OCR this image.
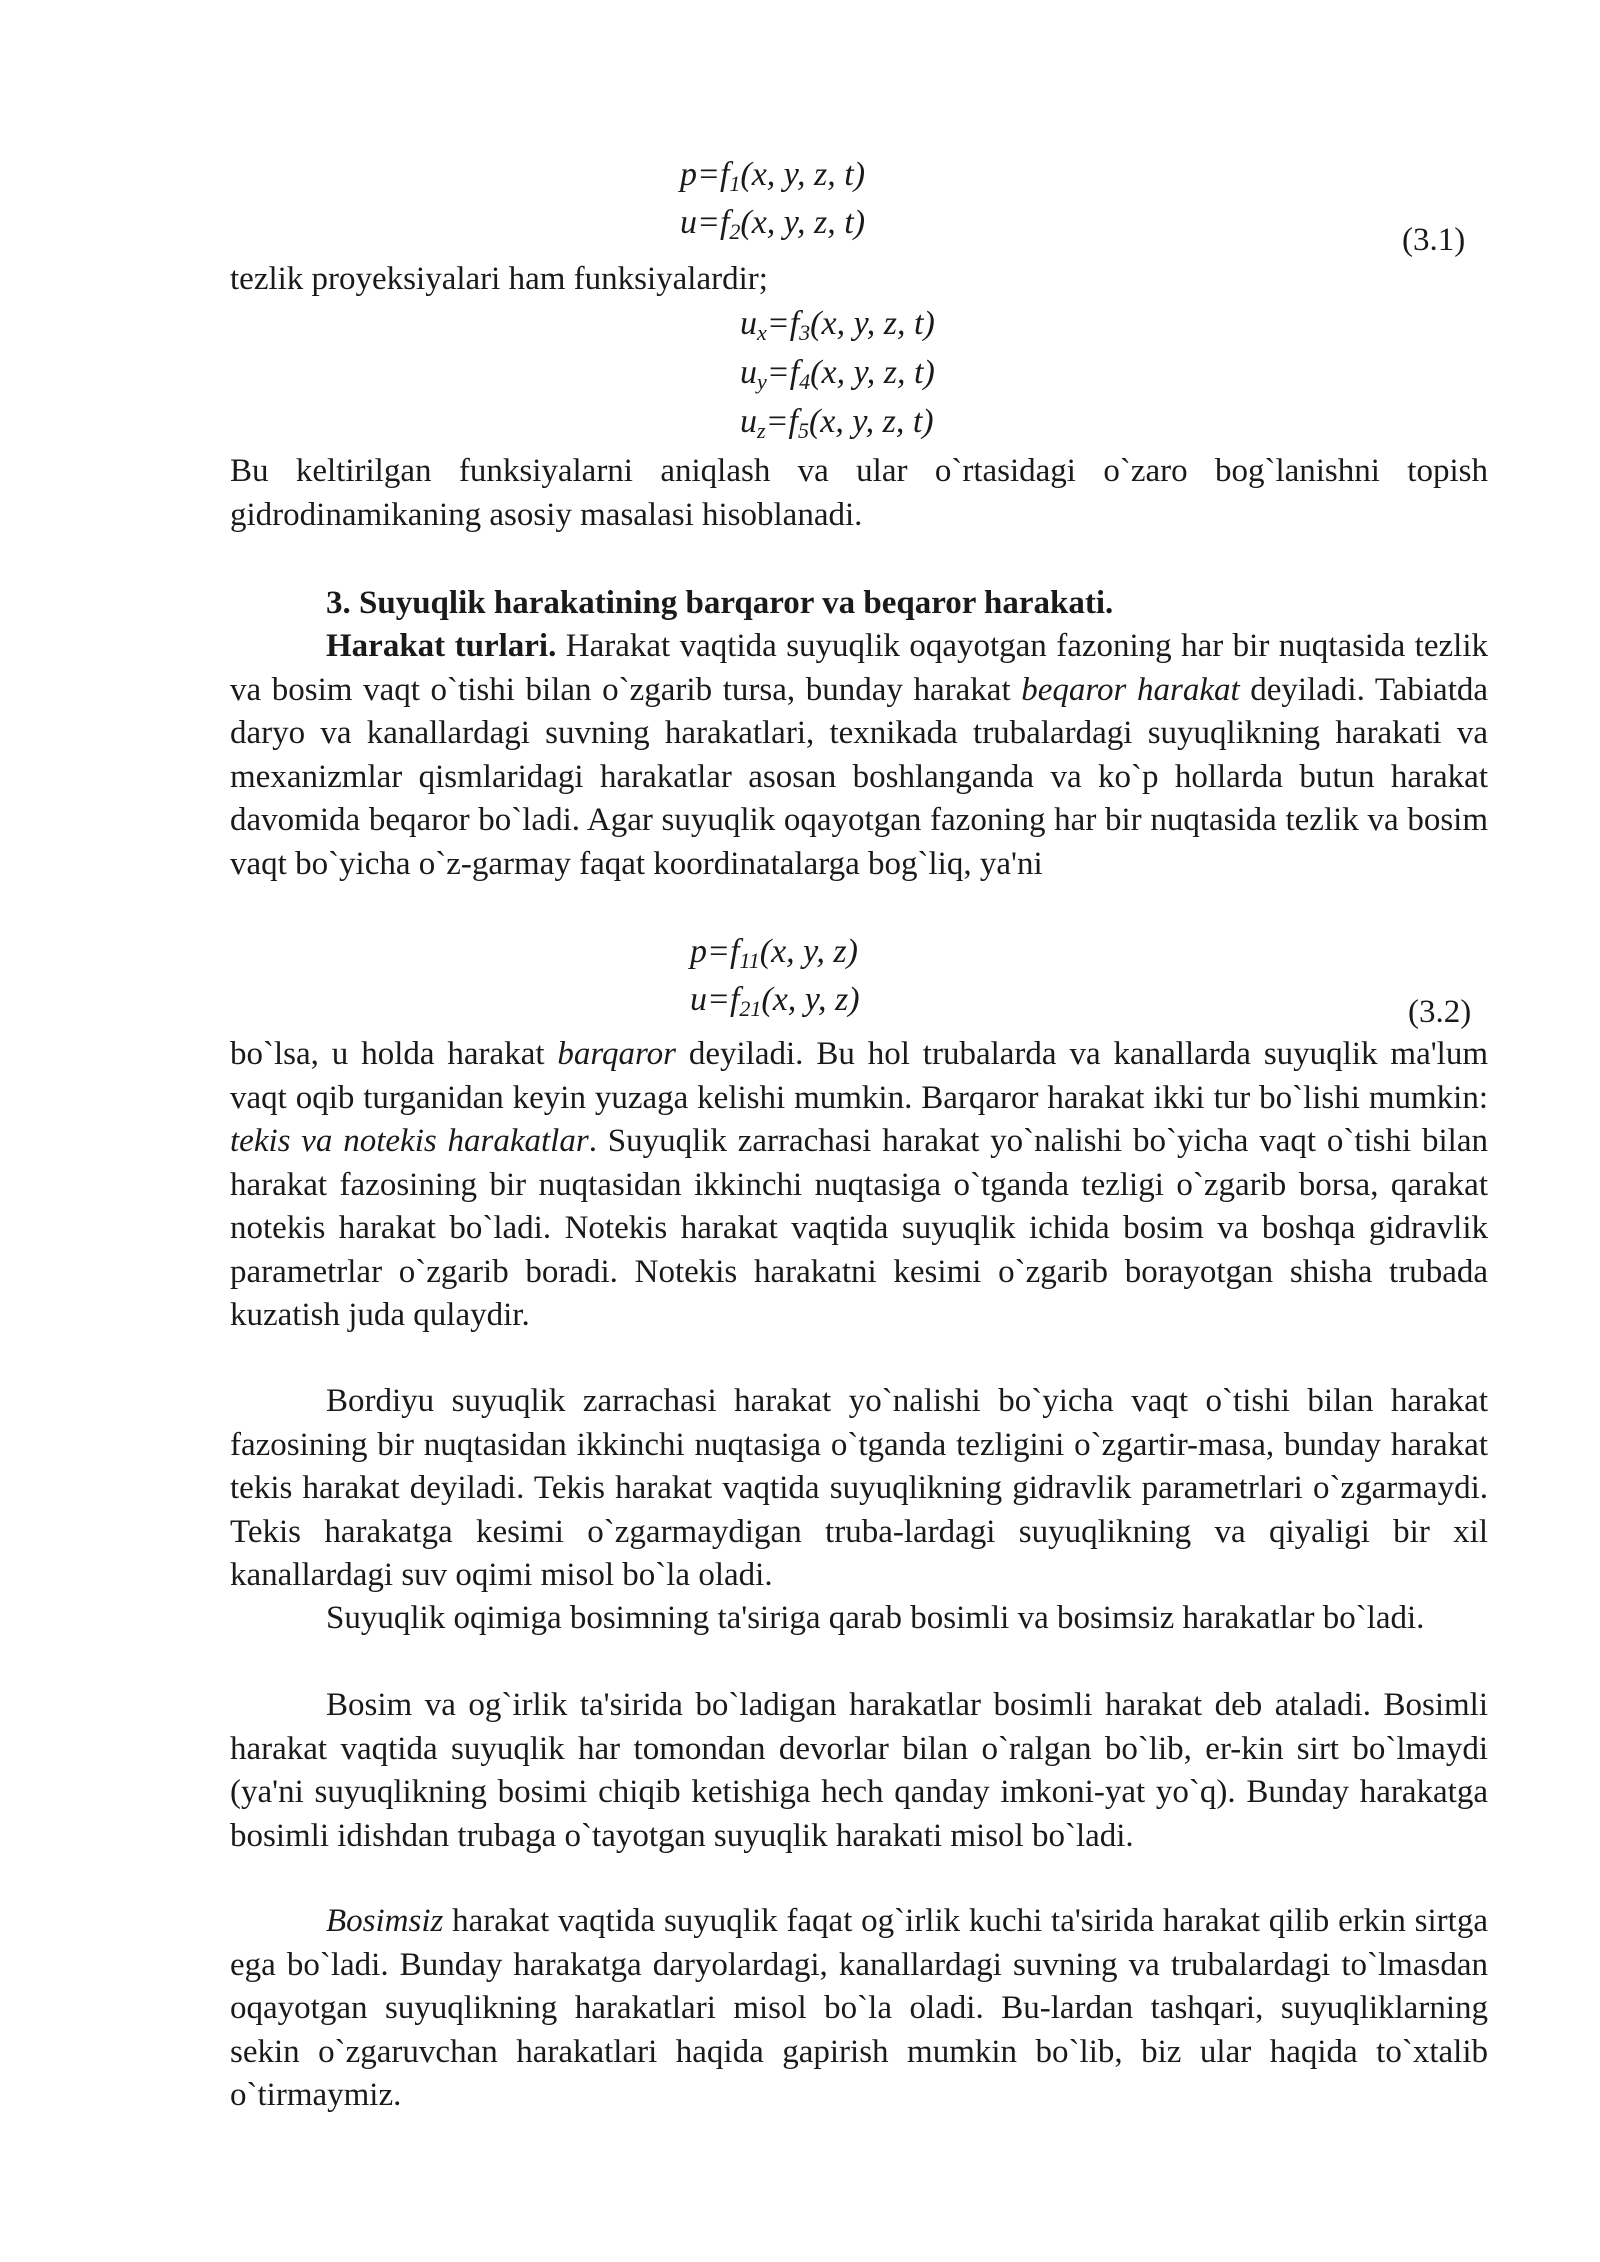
$p=f_1(x$, y, z, t)
$u=f_2(x$, y, z, t)	(3.1)
tezlik proyeksiyalari ham funksiyalardir;
$u_x=f_3(x$, y, z, t)
$u_y=f_4(x$, y, z, t)
$u_z=f_5(x$, y, z, t)
Bu keltirilgan funksiyalarni aniqlash va ular o`rtasidagi o`zaro bog`lanishni topish gidrodinamikaning asosiy masalasi hisoblanadi.
3. Suyuqlik harakatining barqaror va beqaror harakati.
Harakat turlari. Harakat vaqtida suyuqlik oqayotgan fazoning har bir nuqtasida tezlik va bosim vaqt o`tishi bilan o`zgarib tursa, bunday harakat beqaror harakat deyiladi. Tabiatda daryo va kanallardagi suvning harakatlari, texnikada trubalardagi suyuqlikning harakati va mexanizmlar qismlaridagi harakatlar asosan boshlanganda va ko`p hollarda butun harakat davomida beqaror bo`ladi. Agar suyuqlik oqayotgan fazoning har bir nuqtasida tezlik va bosim vaqt bo`yicha o`z-garmay faqat koordinatalarga bog`liq, ya'ni
$p=f_{11}(x$, y, z)
$u=f_{21}(x$, y, z)	(3.2)
bo`lsa, u holda harakat barqaror deyiladi. Bu hol trubalarda va kanallarda suyuqlik ma'lum vaqt oqib turganidan keyin yuzaga kelishi mumkin. Barqaror harakat ikki tur bo`lishi mumkin: tekis va notekis harakatlar. Suyuqlik zarrachasi harakat yo`nalishi bo`yicha vaqt o`tishi bilan harakat fazosining bir nuqtasidan ikkinchi nuqtasiga o`tganda tezligi o`zgarib borsa, qarakat notekis harakat bo`ladi. Notekis harakat vaqtida suyuqlik ichida bosim va boshqa gidravlik parametrlar o`zgarib boradi. Notekis harakatni kesimi o`zgarib borayotgan shisha trubada kuzatish juda qulaydir.
Bordiyu suyuqlik zarrachasi harakat yo`nalishi bo`yicha vaqt o`tishi bilan harakat fazosining bir nuqtasidan ikkinchi nuqtasiga o`tganda tezligini o`zgartir-masa, bunday harakat tekis harakat deyiladi. Tekis harakat vaqtida suyuqlikning gidravlik parametrlari o`zgarmaydi. Tekis harakatga kesimi o`zgarmaydigan truba-lardagi suyuqlikning va qiyaligi bir xil kanallardagi suv oqimi misol bo`la oladi.
Suyuqlik oqimiga bosimning ta'siriga qarab bosimli va bosimsiz harakatlar bo`ladi.
Bosim va og`irlik ta'sirida bo`ladigan harakatlar bosimli harakat deb ataladi. Bosimli harakat vaqtida suyuqlik har tomondan devorlar bilan o`ralgan bo`lib, er-kin sirt bo`lmaydi (ya'ni suyuqlikning bosimi chiqib ketishiga hech qanday imkoni-yat yo`q). Bunday harakatga bosimli idishdan trubaga o`tayotgan suyuqlik harakati misol bo`ladi.
Bosimsiz harakat vaqtida suyuqlik faqat og`irlik kuchi ta'sirida harakat qilib erkin sirtga ega bo`ladi. Bunday harakatga daryolardagi, kanallardagi suvning va trubalardagi to`lmasdan oqayotgan suyuqlikning harakatlari misol bo`la oladi. Bu-lardan tashqari, suyuqliklarning sekin o`zgaruvchan harakatlari haqida gapirish mumkin bo`lib, biz ular haqida to`xtalib o`tirmaymiz.
